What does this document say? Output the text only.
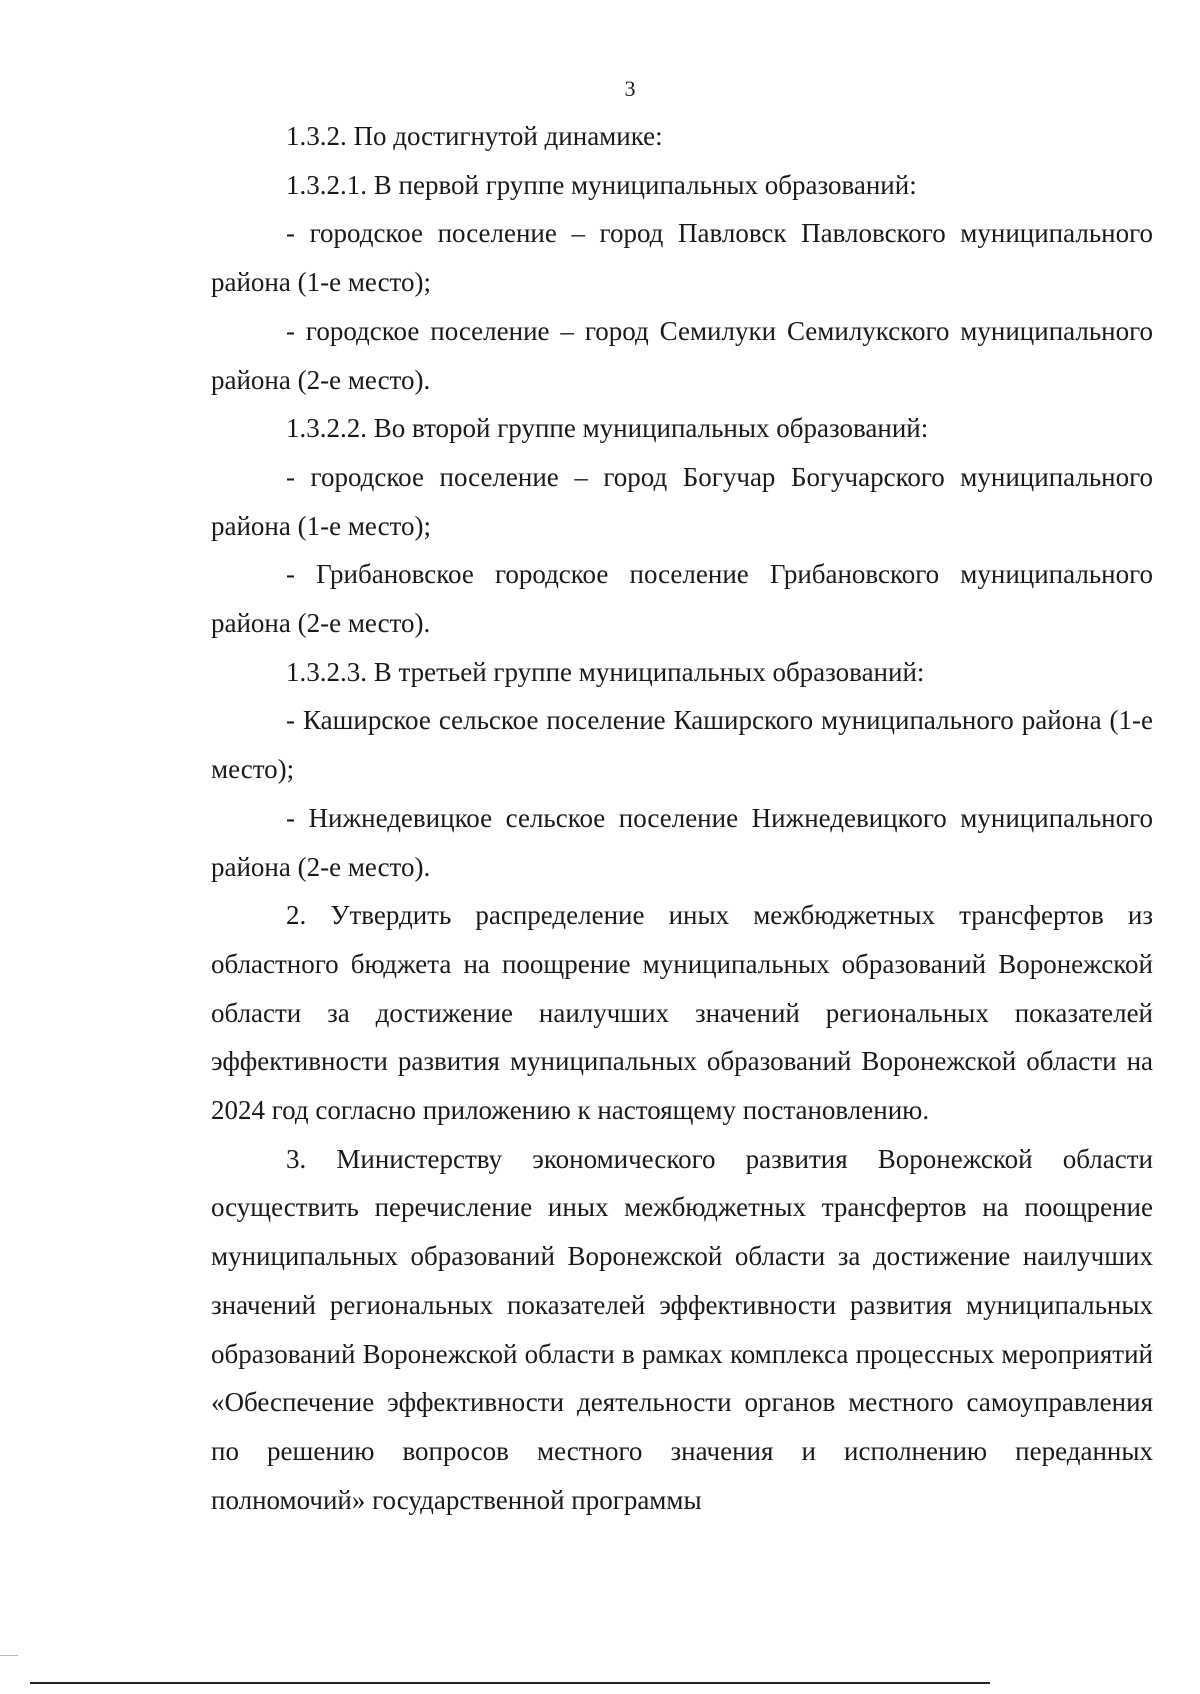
3

1.3.2. По достигнутой динамике:

1.3.2.1. В первой группе муниципальных образований:

- городское поселение – город Павловск Павловского муниципального района (1-е место);

- городское поселение – город Семилуки Семилукского муниципального района (2-е место).

1.3.2.2. Во второй группе муниципальных образований:

- городское поселение – город Богучар Богучарского муниципального района (1-е место);

- Грибановское городское поселение Грибановского муниципального района (2-е место).

1.3.2.3. В третьей группе муниципальных образований:

- Каширское сельское поселение Каширского муниципального района (1-е место);

- Нижнедевицкое сельское поселение Нижнедевицкого муниципального района (2-е место).

2. Утвердить распределение иных межбюджетных трансфертов из областного бюджета на поощрение муниципальных образований Воронежской области за достижение наилучших значений региональных показателей эффективности развития муниципальных образований Воронежской области на 2024 год согласно приложению к настоящему постановлению.

3. Министерству экономического развития Воронежской области осуществить перечисление иных межбюджетных трансфертов на поощрение муниципальных образований Воронежской области за достижение наилучших значений региональных показателей эффективности развития муниципальных образований Воронежской области в рамках комплекса процессных мероприятий «Обеспечение эффективности деятельности органов местного самоуправления по решению вопросов местного значения и исполнению переданных полномочий» государственной программы
